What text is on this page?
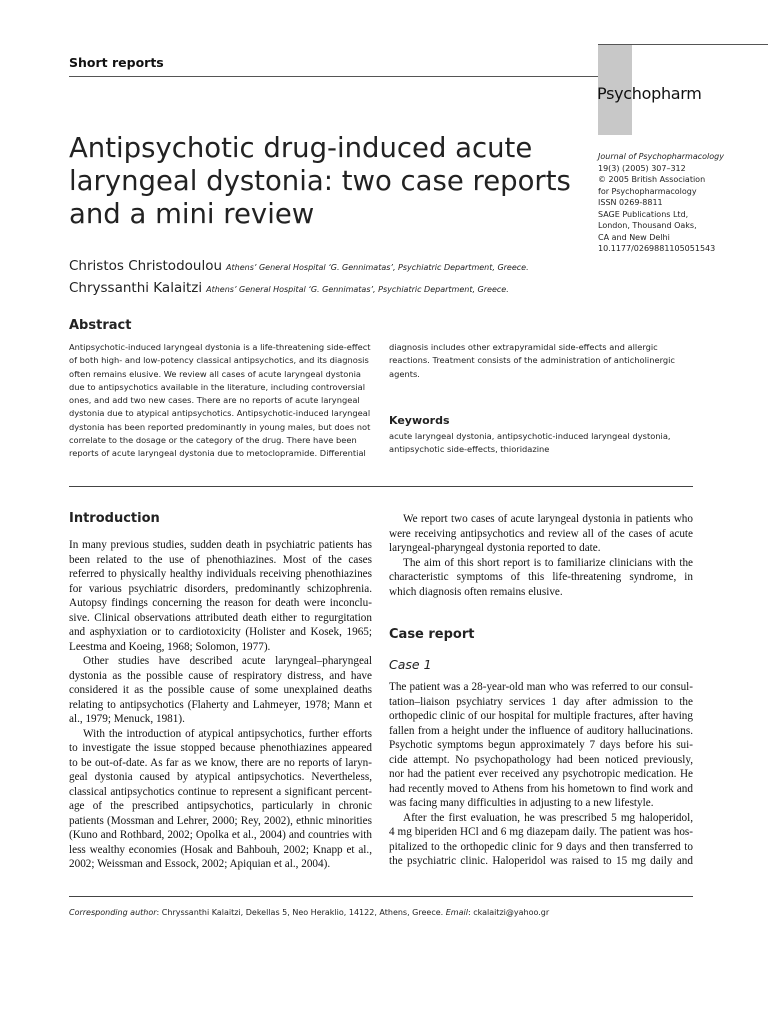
Short reports
Psychopharm
Antipsychotic drug-induced acute
laryngeal dystonia: two case reports
and a mini review
Journal of Psychopharmacology
19(3) (2005) 307–312
© 2005 British Association
for Psychopharmacology
ISSN 0269-8811
SAGE Publications Ltd,
London, Thousand Oaks,
CA and New Delhi
10.1177/0269881105051543
Christos Christodoulou Athens’ General Hospital ‘G. Gennimatas’, Psychiatric Department, Greece.
Chryssanthi Kalaitzi Athens’ General Hospital ‘G. Gennimatas’, Psychiatric Department, Greece.
Abstract
Antipsychotic-induced laryngeal dystonia is a life-threatening side-effect
of both high- and low-potency classical antipsychotics, and its diagnosis
often remains elusive. We review all cases of acute laryngeal dystonia
due to antipsychotics available in the literature, including controversial
ones, and add two new cases. There are no reports of acute laryngeal
dystonia due to atypical antipsychotics. Antipsychotic-induced laryngeal
dystonia has been reported predominantly in young males, but does not
correlate to the dosage or the category of the drug. There have been
reports of acute laryngeal dystonia due to metoclopramide. Differential
diagnosis includes other extrapyramidal side-effects and allergic
reactions. Treatment consists of the administration of anticholinergic
agents.
Keywords
acute laryngeal dystonia, antipsychotic-induced laryngeal dystonia,
antipsychotic side-effects, thioridazine
Introduction
In many previous studies, sudden death in psychiatric patients has
been related to the use of phenothiazines. Most of the cases
referred to physically healthy individuals receiving phenothiazines
for various psychiatric disorders, predominantly schizophrenia.
Autopsy findings concerning the reason for death were inconclu-
sive. Clinical observations attributed death either to regurgitation
and asphyxiation or to cardiotoxicity (Holister and Kosek, 1965;
Leestma and Koeing, 1968; Solomon, 1977).
Other studies have described acute laryngeal–pharyngeal
dystonia as the possible cause of respiratory distress, and have
considered it as the possible cause of some unexplained deaths
relating to antipsychotics (Flaherty and Lahmeyer, 1978; Mann et
al., 1979; Menuck, 1981).
With the introduction of atypical antipsychotics, further efforts
to investigate the issue stopped because phenothiazines appeared
to be out-of-date. As far as we know, there are no reports of laryn-
geal dystonia caused by atypical antipsychotics. Nevertheless,
classical antipsychotics continue to represent a significant percent-
age of the prescribed antipsychotics, particularly in chronic
patients (Mossman and Lehrer, 2000; Rey, 2002), ethnic minorities
(Kuno and Rothbard, 2002; Opolka et al., 2004) and countries with
less wealthy economies (Hosak and Bahbouh, 2002; Knapp et al.,
2002; Weissman and Essock, 2002; Apiquian et al., 2004).
We report two cases of acute laryngeal dystonia in patients who
were receiving antipsychotics and review all of the cases of acute
laryngeal-pharyngeal dystonia reported to date.
The aim of this short report is to familiarize clinicians with the
characteristic symptoms of this life-threatening syndrome, in
which diagnosis often remains elusive.
Case report
Case 1
The patient was a 28-year-old man who was referred to our consul-
tation–liaison psychiatry services 1 day after admission to the
orthopedic clinic of our hospital for multiple fractures, after having
fallen from a height under the influence of auditory hallucinations.
Psychotic symptoms begun approximately 7 days before his sui-
cide attempt. No psychopathology had been noticed previously,
nor had the patient ever received any psychotropic medication. He
had recently moved to Athens from his hometown to find work and
was facing many difficulties in adjusting to a new lifestyle.
After the first evaluation, he was prescribed 5 mg haloperidol,
4 mg biperiden HCl and 6 mg diazepam daily. The patient was hos-
pitalized to the orthopedic clinic for 9 days and then transferred to
the psychiatric clinic. Haloperidol was raised to 15 mg daily and
Corresponding author: Chryssanthi Kalaitzi, Dekellas 5, Neo Heraklio, 14122, Athens, Greece. Email: ckalaitzi@yahoo.gr
